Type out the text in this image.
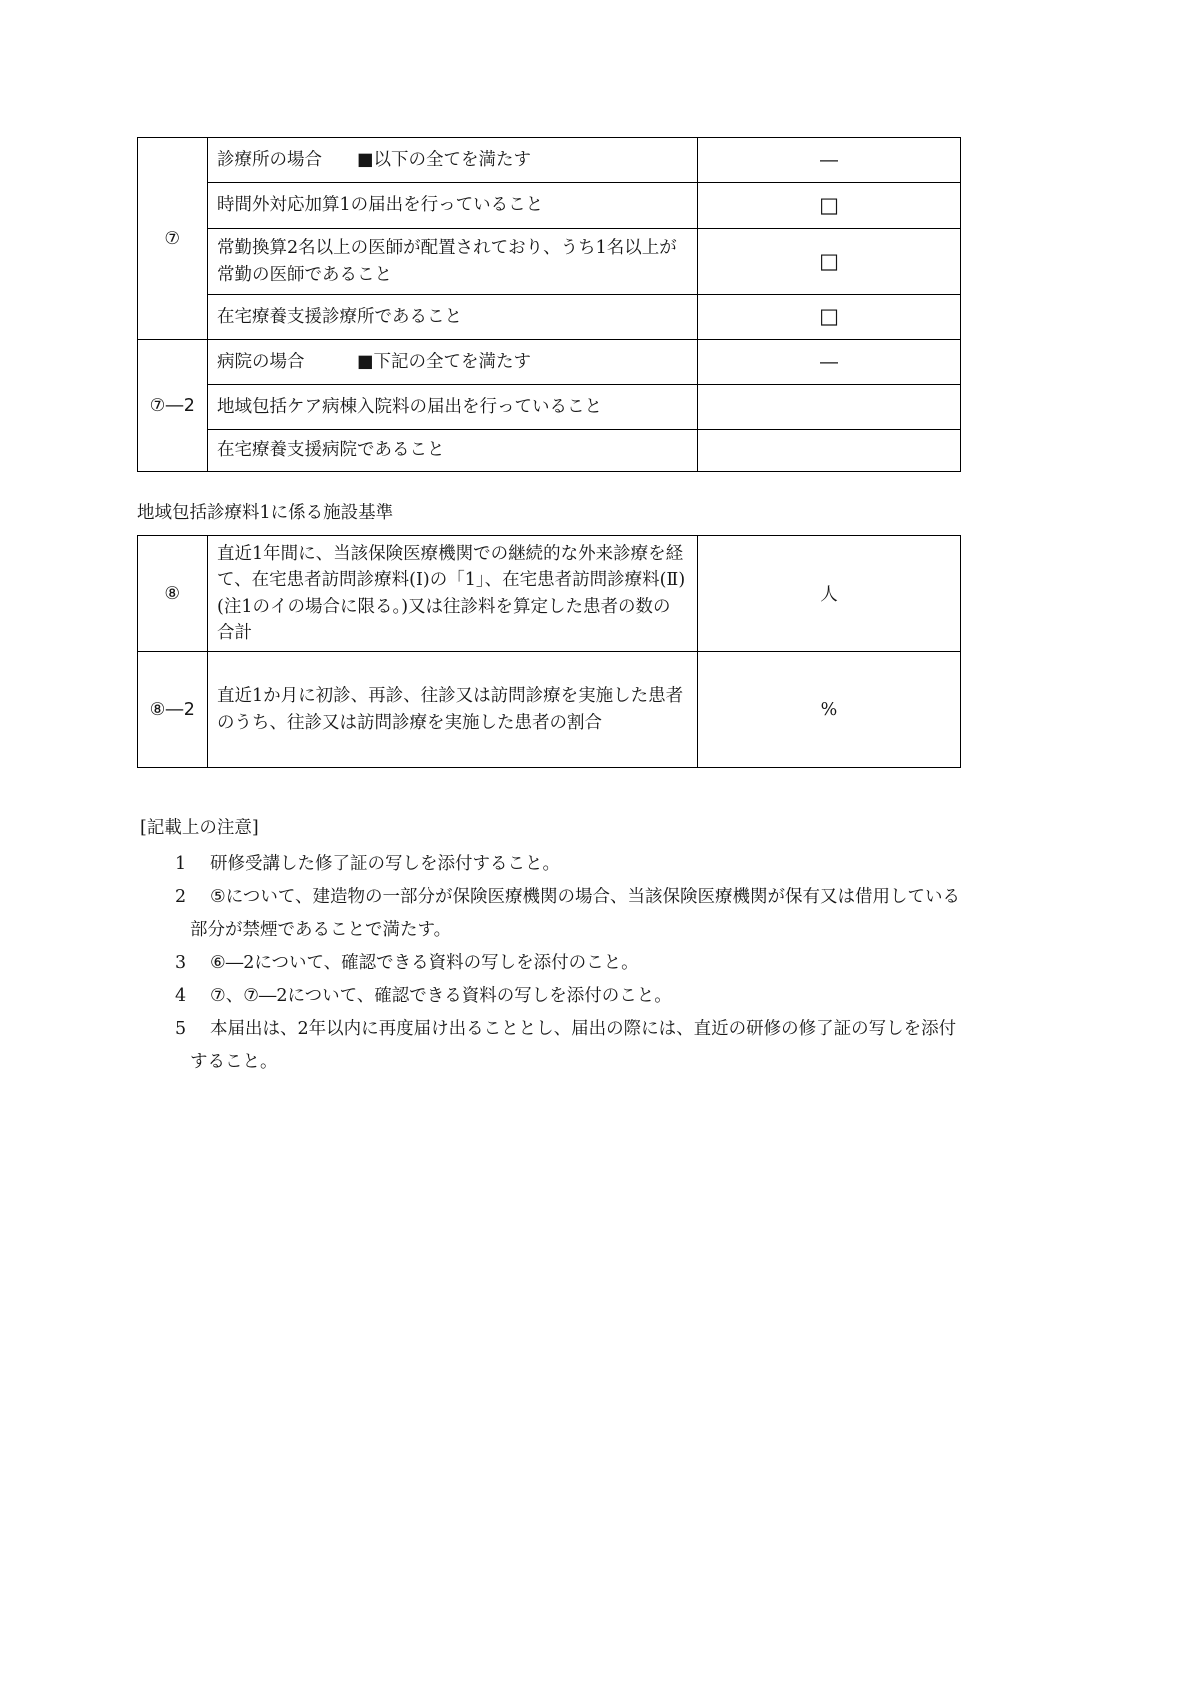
⑦	診療所の場合　　■以下の全てを満たす	―
	時間外対応加算1の届出を行っていること	□
	常勤換算2名以上の医師が配置されており、うち1名以上が常勤の医師であること	□
	在宅療養支援診療所であること	□
⑦―2	病院の場合　　　■下記の全てを満たす	―
	地域包括ケア病棟入院料の届出を行っていること	
	在宅療養支援病院であること	
地域包括診療料1に係る施設基準
⑧	直近1年間に、当該保険医療機関での継続的な外来診療を経て、在宅患者訪問診療料(Ⅰ)の「1」、在宅患者訪問診療料(Ⅱ)(注1のイの場合に限る。)又は往診料を算定した患者の数の合計	人
⑧―2	直近1か月に初診、再診、往診又は訪問診療を実施した患者のうち、往診又は訪問診療を実施した患者の割合	%
[記載上の注意]
1 研修受講した修了証の写しを添付すること。
2 ⑤について、建造物の一部分が保険医療機関の場合、当該保険医療機関が保有又は借用している部分が禁煙であることで満たす。
3 ⑥―2について、確認できる資料の写しを添付のこと。
4 ⑦、⑦―2について、確認できる資料の写しを添付のこと。
5 本届出は、2年以内に再度届け出ることとし、届出の際には、直近の研修の修了証の写しを添付すること。
